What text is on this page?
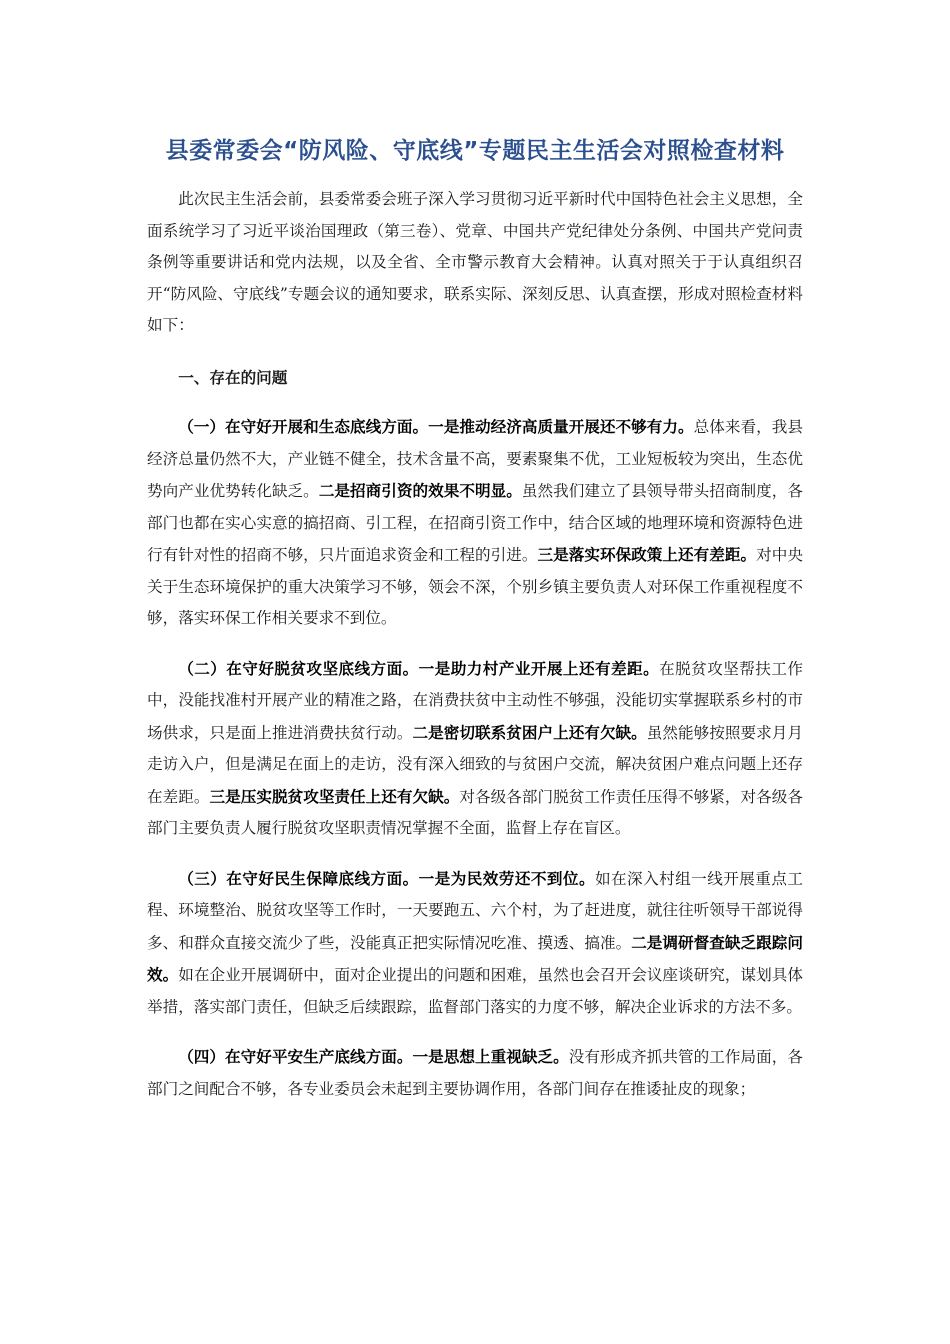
县委常委会“防风险、守底线”专题民主生活会对照检查材料

此次民主生活会前，县委常委会班子深入学习贯彻习近平新时代中国特色社会主义思想，全面系统学习了习近平谈治国理政（第三卷）、党章、中国共产党纪律处分条例、中国共产党问责条例等重要讲话和党内法规，以及全省、全市警示教育大会精神。认真对照关于于认真组织召开“防风险、守底线”专题会议的通知要求，联系实际、深刻反思、认真查摆，形成对照检查材料如下：

一、存在的问题

（一）在守好开展和生态底线方面。一是推动经济高质量开展还不够有力。总体来看，我县经济总量仍然不大，产业链不健全，技术含量不高，要素聚集不优，工业短板较为突出，生态优势向产业优势转化缺乏。二是招商引资的效果不明显。虽然我们建立了县领导带头招商制度，各部门也都在实心实意的搞招商、引工程，在招商引资工作中，结合区域的地理环境和资源特色进行有针对性的招商不够，只片面追求资金和工程的引进。三是落实环保政策上还有差距。对中央关于生态环境保护的重大决策学习不够，领会不深，个别乡镇主要负责人对环保工作重视程度不够，落实环保工作相关要求不到位。

（二）在守好脱贫攻坚底线方面。一是助力村产业开展上还有差距。在脱贫攻坚帮扶工作中，没能找准村开展产业的精准之路，在消费扶贫中主动性不够强，没能切实掌握联系乡村的市场供求，只是面上推进消费扶贫行动。二是密切联系贫困户上还有欠缺。虽然能够按照要求月月走访入户，但是满足在面上的走访，没有深入细致的与贫困户交流，解决贫困户难点问题上还存在差距。三是压实脱贫攻坚责任上还有欠缺。对各级各部门脱贫工作责任压得不够紧，对各级各部门主要负责人履行脱贫攻坚职责情况掌握不全面，监督上存在盲区。

（三）在守好民生保障底线方面。一是为民效劳还不到位。如在深入村组一线开展重点工程、环境整治、脱贫攻坚等工作时，一天要跑五、六个村，为了赶进度，就往往听领导干部说得多、和群众直接交流少了些，没能真正把实际情况吃准、摸透、搞准。二是调研督查缺乏跟踪问效。如在企业开展调研中，面对企业提出的问题和困难，虽然也会召开会议座谈研究，谋划具体举措，落实部门责任，但缺乏后续跟踪，监督部门落实的力度不够，解决企业诉求的方法不多。

（四）在守好平安生产底线方面。一是思想上重视缺乏。没有形成齐抓共管的工作局面，各部门之间配合不够，各专业委员会未起到主要协调作用，各部门间存在推诿扯皮的现象；
